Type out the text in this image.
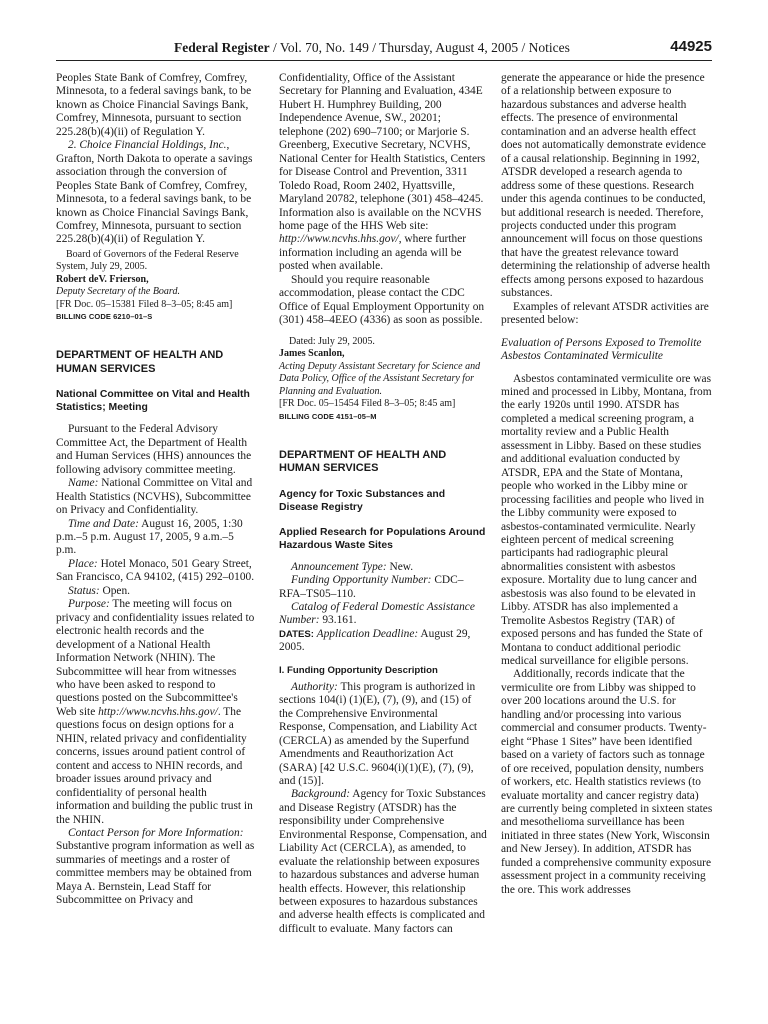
Federal Register / Vol. 70, No. 149 / Thursday, August 4, 2005 / Notices	44925

Peoples State Bank of Comfrey, Comfrey, Minnesota, to a federal savings bank, to be known as Choice Financial Savings Bank, Comfrey, Minnesota, pursuant to section 225.28(b)(4)(ii) of Regulation Y.

2. Choice Financial Holdings, Inc., Grafton, North Dakota to operate a savings association through the conversion of Peoples State Bank of Comfrey, Comfrey, Minnesota, to a federal savings bank, to be known as Choice Financial Savings Bank, Comfrey, Minnesota, pursuant to section 225.28(b)(4)(ii) of Regulation Y.

Board of Governors of the Federal Reserve System, July 29, 2005.

Robert deV. Frierson,

Deputy Secretary of the Board.

[FR Doc. 05–15381 Filed 8–3–05; 8:45 am]

BILLING CODE 6210–01–S

DEPARTMENT OF HEALTH AND HUMAN SERVICES

National Committee on Vital and Health Statistics; Meeting

Pursuant to the Federal Advisory Committee Act, the Department of Health and Human Services (HHS) announces the following advisory committee meeting.

Name: National Committee on Vital and Health Statistics (NCVHS), Subcommittee on Privacy and Confidentiality.

Time and Date: August 16, 2005, 1:30 p.m.–5 p.m. August 17, 2005, 9 a.m.–5 p.m.

Place: Hotel Monaco, 501 Geary Street, San Francisco, CA 94102, (415) 292–0100.

Status: Open.

Purpose: The meeting will focus on privacy and confidentiality issues related to electronic health records and the development of a National Health Information Network (NHIN). The Subcommittee will hear from witnesses who have been asked to respond to questions posted on the Subcommittee's Web site http://www.ncvhs.hhs.gov/. The questions focus on design options for a NHIN, related privacy and confidentiality concerns, issues around patient control of content and access to NHIN records, and broader issues around privacy and confidentiality of personal health information and building the public trust in the NHIN.

Contact Person for More Information: Substantive program information as well as summaries of meetings and a roster of committee members may be obtained from Maya A. Bernstein, Lead Staff for Subcommittee on Privacy and

Confidentiality, Office of the Assistant Secretary for Planning and Evaluation, 434E Hubert H. Humphrey Building, 200 Independence Avenue, SW., 20201; telephone (202) 690–7100; or Marjorie S. Greenberg, Executive Secretary, NCVHS, National Center for Health Statistics, Centers for Disease Control and Prevention, 3311 Toledo Road, Room 2402, Hyattsville, Maryland 20782, telephone (301) 458–4245. Information also is available on the NCVHS home page of the HHS Web site: http://www.ncvhs.hhs.gov/, where further information including an agenda will be posted when available.

Should you require reasonable accommodation, please contact the CDC Office of Equal Employment Opportunity on (301) 458–4EEO (4336) as soon as possible.

Dated: July 29, 2005.

James Scanlon,

Acting Deputy Assistant Secretary for Science and Data Policy, Office of the Assistant Secretary for Planning and Evaluation.

[FR Doc. 05–15454 Filed 8–3–05; 8:45 am]

BILLING CODE 4151–05–M

DEPARTMENT OF HEALTH AND HUMAN SERVICES

Agency for Toxic Substances and Disease Registry

Applied Research for Populations Around Hazardous Waste Sites

Announcement Type: New.

Funding Opportunity Number: CDC–RFA–TS05–110.

Catalog of Federal Domestic Assistance Number: 93.161.

DATES: Application Deadline: August 29, 2005.

I. Funding Opportunity Description

Authority: This program is authorized in sections 104(i) (1)(E), (7), (9), and (15) of the Comprehensive Environmental Response, Compensation, and Liability Act (CERCLA) as amended by the Superfund Amendments and Reauthorization Act (SARA) [42 U.S.C. 9604(i)(1)(E), (7), (9), and (15)].

Background: Agency for Toxic Substances and Disease Registry (ATSDR) has the responsibility under Comprehensive Environmental Response, Compensation, and Liability Act (CERCLA), as amended, to evaluate the relationship between exposures to hazardous substances and adverse human health effects. However, this relationship between exposures to hazardous substances and adverse health effects is complicated and difficult to evaluate. Many factors can

generate the appearance or hide the presence of a relationship between exposure to hazardous substances and adverse health effects. The presence of environmental contamination and an adverse health effect does not automatically demonstrate evidence of a causal relationship. Beginning in 1992, ATSDR developed a research agenda to address some of these questions. Research under this agenda continues to be conducted, but additional research is needed. Therefore, projects conducted under this program announcement will focus on those questions that have the greatest relevance toward determining the relationship of adverse health effects among persons exposed to hazardous substances.

Examples of relevant ATSDR activities are presented below:

Evaluation of Persons Exposed to Tremolite Asbestos Contaminated Vermiculite

Asbestos contaminated vermiculite ore was mined and processed in Libby, Montana, from the early 1920s until 1990. ATSDR has completed a medical screening program, a mortality review and a Public Health assessment in Libby. Based on these studies and additional evaluation conducted by ATSDR, EPA and the State of Montana, people who worked in the Libby mine or processing facilities and people who lived in the Libby community were exposed to asbestos-contaminated vermiculite. Nearly eighteen percent of medical screening participants had radiographic pleural abnormalities consistent with asbestos exposure. Mortality due to lung cancer and asbestosis was also found to be elevated in Libby. ATSDR has also implemented a Tremolite Asbestos Registry (TAR) of exposed persons and has funded the State of Montana to conduct additional periodic medical surveillance for eligible persons.

Additionally, records indicate that the vermiculite ore from Libby was shipped to over 200 locations around the U.S. for handling and/or processing into various commercial and consumer products. Twenty-eight “Phase 1 Sites” have been identified based on a variety of factors such as tonnage of ore received, population density, numbers of workers, etc. Health statistics reviews (to evaluate mortality and cancer registry data) are currently being completed in sixteen states and mesothelioma surveillance has been initiated in three states (New York, Wisconsin and New Jersey). In addition, ATSDR has funded a comprehensive community exposure assessment project in a community receiving the ore. This work addresses
